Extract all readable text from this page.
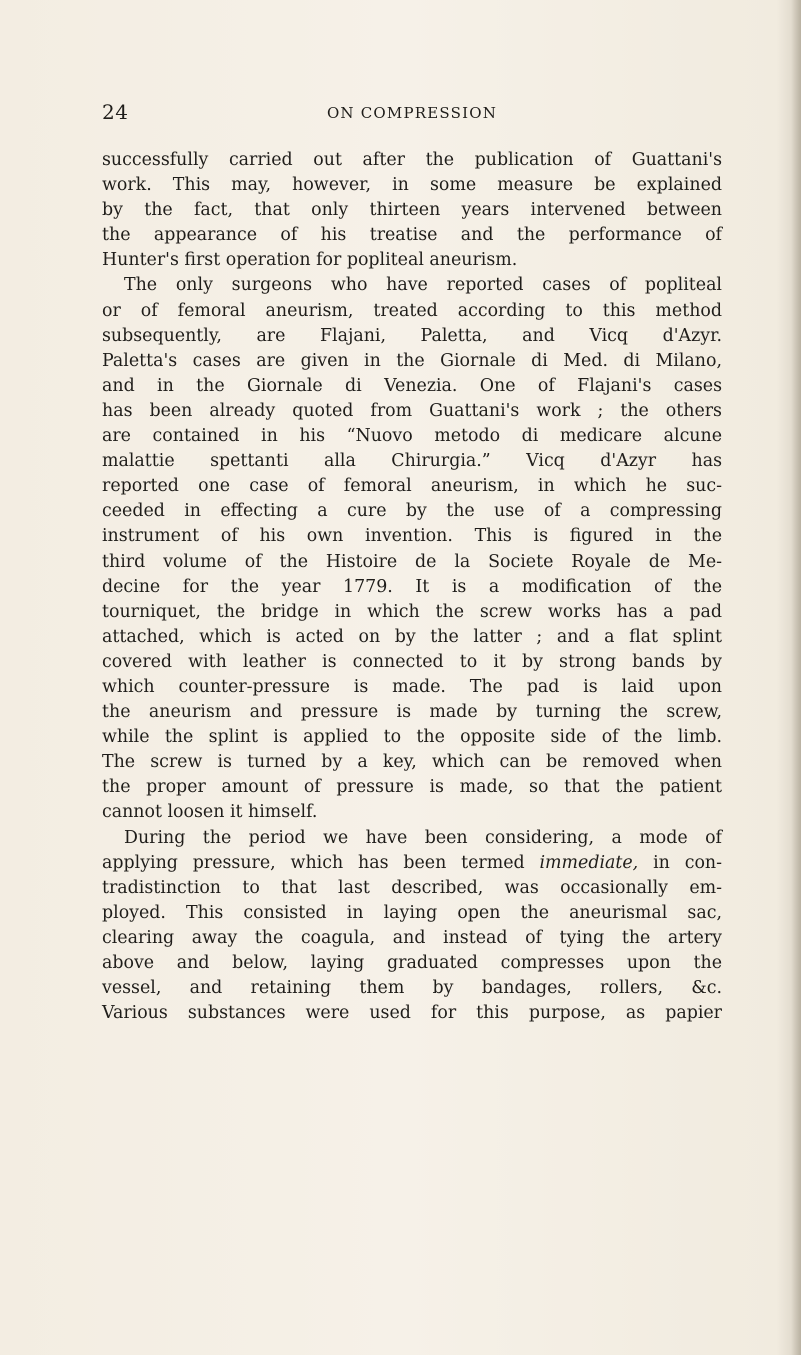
24	ON COMPRESSION
successfully carried out after the publication of Guattani's
work. This may, however, in some measure be explained
by the fact, that only thirteen years intervened between
the appearance of his treatise and the performance of
Hunter's first operation for popliteal aneurism.
The only surgeons who have reported cases of popliteal
or of femoral aneurism, treated according to this method
subsequently, are Flajani, Paletta, and Vicq d'Azyr.
Paletta's cases are given in the Giornale di Med. di Milano,
and in the Giornale di Venezia. One of Flajani's cases
has been already quoted from Guattani's work ; the others
are contained in his “Nuovo metodo di medicare alcune
malattie spettanti alla Chirurgia.” Vicq d'Azyr has
reported one case of femoral aneurism, in which he suc-
ceeded in effecting a cure by the use of a compressing
instrument of his own invention. This is figured in the
third volume of the Histoire de la Societe Royale de Me-
decine for the year 1779. It is a modification of the
tourniquet, the bridge in which the screw works has a pad
attached, which is acted on by the latter ; and a flat splint
covered with leather is connected to it by strong bands by
which counter-pressure is made. The pad is laid upon
the aneurism and pressure is made by turning the screw,
while the splint is applied to the opposite side of the limb.
The screw is turned by a key, which can be removed when
the proper amount of pressure is made, so that the patient
cannot loosen it himself.
During the period we have been considering, a mode of
applying pressure, which has been termed immediate, in con-
tradistinction to that last described, was occasionally em-
ployed. This consisted in laying open the aneurismal sac,
clearing away the coagula, and instead of tying the artery
above and below, laying graduated compresses upon the
vessel, and retaining them by bandages, rollers, &c.
Various substances were used for this purpose, as papier
